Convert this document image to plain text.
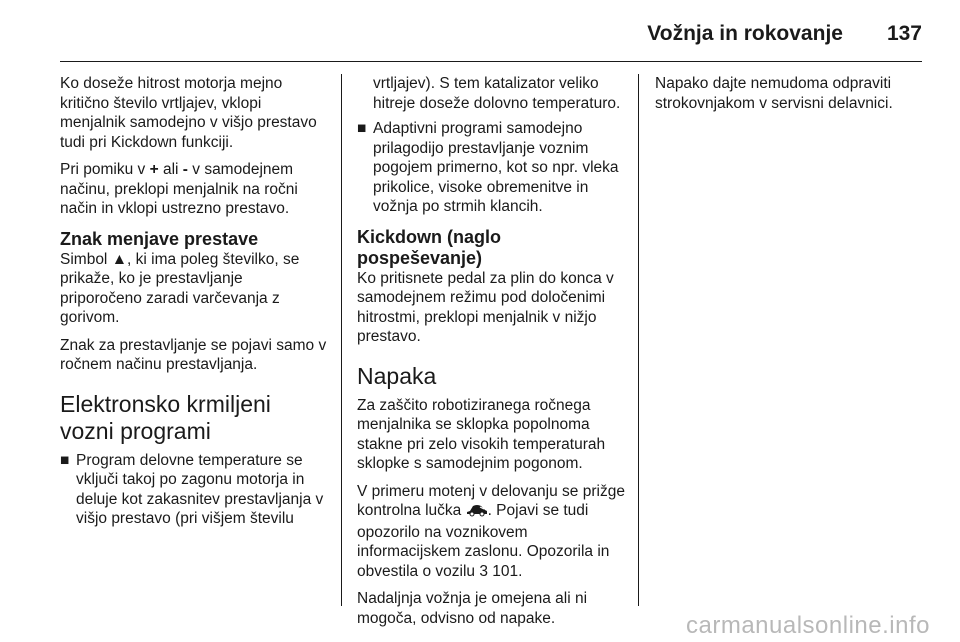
Vožnja in rokovanje 137

Ko doseže hitrost motorja mejno kritično število vrtljajev, vklopi menjalnik samodejno v višjo prestavo tudi pri Kickdown funkciji.

Pri pomiku v + ali - v samodejnem načinu, preklopi menjalnik na ročni način in vklopi ustrezno prestavo.

Znak menjave prestave

Simbol ▲, ki ima poleg številko, se prikaže, ko je prestavljanje priporočeno zaradi varčevanja z gorivom.

Znak za prestavljanje se pojavi samo v ročnem načinu prestavljanja.

Elektronsko krmiljeni vozni programi
■ Program delovne temperature se vključi takoj po zagonu motorja in deluje kot zakasnitev prestavljanja v višjo prestavo (pri višjem številu

vrtljajev). S tem katalizator veliko hitreje doseže dolovno temperaturo.

■ Adaptivni programi samodejno prilagodijo prestavljanje voznim pogojem primerno, kot so npr. vleka prikolice, visoke obremenitve in vožnja po strmih klancih.
Kickdown (naglo pospeševanje)

Ko pritisnete pedal za plin do konca v samodejnem režimu pod določenimi hitrostmi, preklopi menjalnik v nižjo prestavo.

Napaka

Za zaščito robotiziranega ročnega menjalnika se sklopka popolnoma stakne pri zelo visokih temperaturah sklopke s samodejnim pogonom.

V primeru motenj v delovanju se prižge kontrolna lučka . Pojavi se tudi opozorilo na voznikovem informacijskem zaslonu. Opozorila in obvestila o vozilu 3 101.

Nadaljnja vožnja je omejena ali ni mogoča, odvisno od napake.

Napako dajte nemudoma odpraviti strokovnjakom v servisni delavnici.

carmanualsonline.info
